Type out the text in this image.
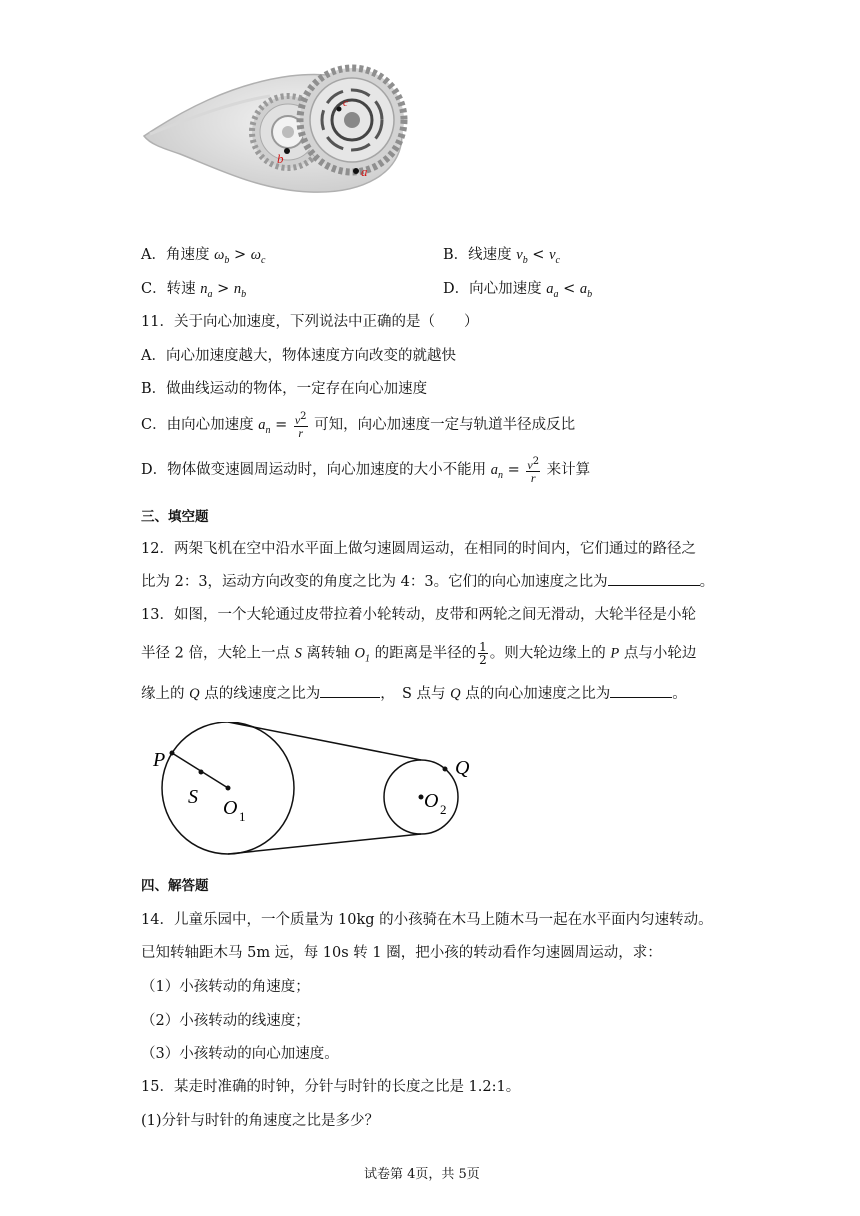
b
a
c
A．角速度 $\omega_b > \omega_c$	B．线速度 $v_b < v_c$
C．转速 $n_a > n_b$	D．向心加速度 $a_a < a_b$
11．关于向心加速度，下列说法中正确的是（　　）
A．向心加速度越大，物体速度方向改变的就越快
B．做曲线运动的物体，一定存在向心加速度
C．由向心加速度 $a_n = \frac{v^2}{r}$ 可知，向心加速度一定与轨道半径成反比
D．物体做变速圆周运动时，向心加速度的大小不能用 $a_n = \frac{v^2}{r}$ 来计算
三、填空题
12．两架飞机在空中沿水平面上做匀速圆周运动，在相同的时间内，它们通过的路径之
比为 2：3，运动方向改变的角度之比为 4：3。它们的向心加速度之比为	。
13．如图，一个大轮通过皮带拉着小轮转动，皮带和两轮之间无滑动，大轮半径是小轮
半径 2 倍，大轮上一点 S 离转轴 $O_1$ 的距离是半径的 $\frac{1}{2}$ 。则大轮边缘上的 P 点与小轮边
缘上的 Q 点的线速度之比为	，　S 点与 Q 点的向心加速度之比为	。
P
S O 1
O 2
Q
四、解答题
14．儿童乐园中，一个质量为 10kg 的小孩骑在木马上随木马一起在水平面内匀速转动。
已知转轴距木马 5m 远，每 10s 转 1 圈，把小孩的转动看作匀速圆周运动，求：
（1）小孩转动的角速度；
（2）小孩转动的线速度；
（3）小孩转动的向心加速度。
15．某走时准确的时钟，分针与时针的长度之比是 1.2:1。
(1)分针与时针的角速度之比是多少？
试卷第 4页，共 5页
